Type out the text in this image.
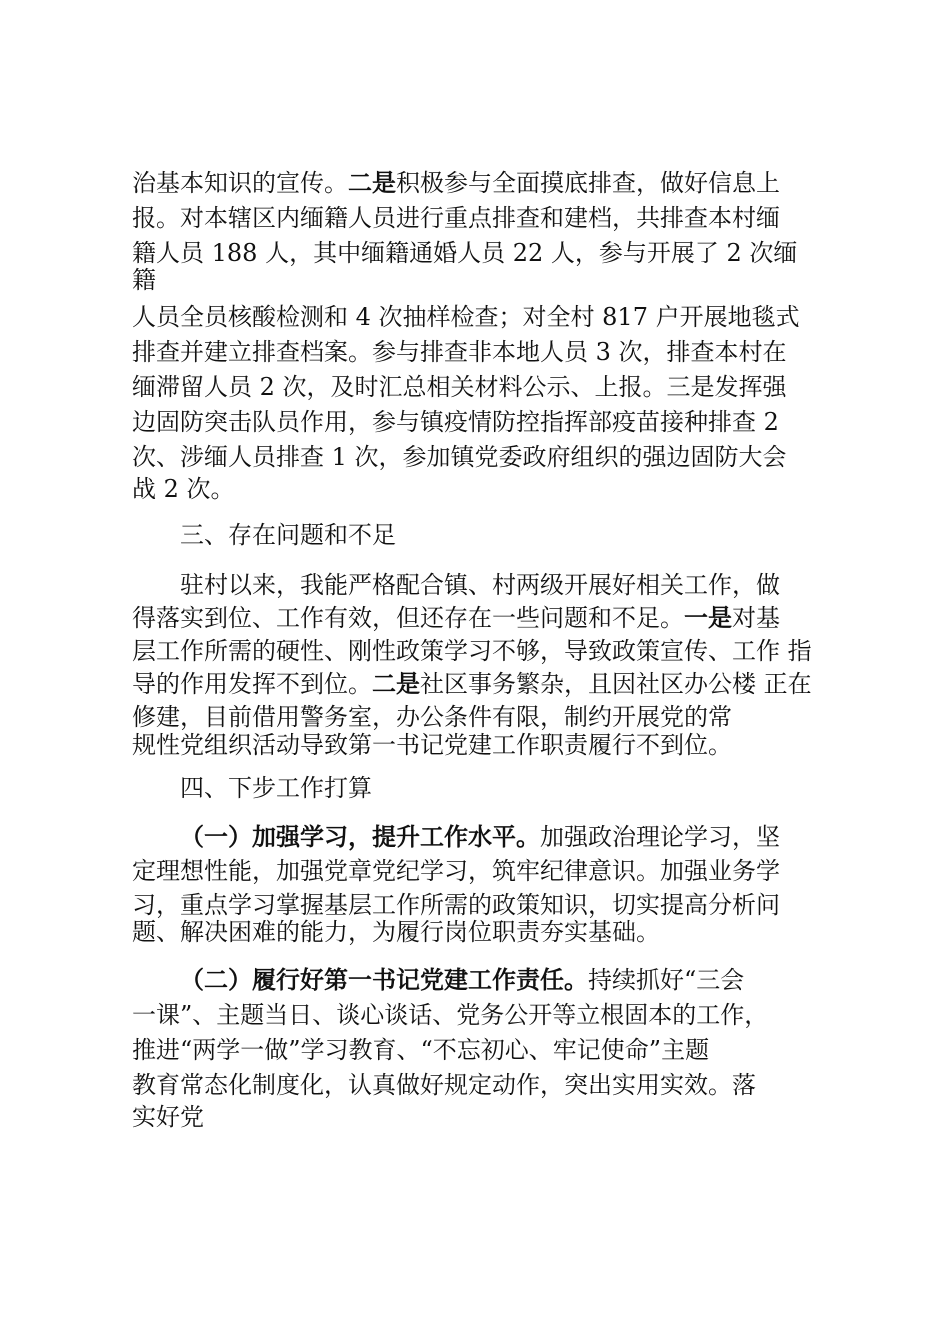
治基本知识的宣传。二是积极参与全面摸底排查，做好信息上
报。对本辖区内缅籍人员进行重点排查和建档，共排查本村缅
籍人员 188 人，其中缅籍通婚人员 22 人，参与开展了 2 次缅
籍
人员全员核酸检测和 4 次抽样检查；对全村 817 户开展地毯式
排查并建立排查档案。参与排查非本地人员 3 次，排查本村在
缅滞留人员 2 次，及时汇总相关材料公示、上报。三是发挥强
边固防突击队员作用，参与镇疫情防控指挥部疫苗接种排查 2
次、涉缅人员排查 1 次，参加镇党委政府组织的强边固防大会
战 2 次。
三、存在问题和不足
驻村以来，我能严格配合镇、村两级开展好相关工作，做
得落实到位、工作有效，但还存在一些问题和不足。一是对基
层工作所需的硬性、刚性政策学习不够，导致政策宣传、工作 指
导的作用发挥不到位。二是社区事务繁杂，且因社区办公楼 正在
修建，目前借用警务室，办公条件有限，制约开展党的常
规性党组织活动导致第一书记党建工作职责履行不到位。
四、下步工作打算
（一）加强学习，提升工作水平。加强政治理论学习，坚
定理想性能，加强党章党纪学习，筑牢纪律意识。加强业务学
习，重点学习掌握基层工作所需的政策知识，切实提高分析问
题、解决困难的能力，为履行岗位职责夯实基础。
（二）履行好第一书记党建工作责任。持续抓好“三会
一课”、主题当日、谈心谈话、党务公开等立根固本的工作，
推进“两学一做”学习教育、“不忘初心、牢记使命”主题
教育常态化制度化，认真做好规定动作，突出实用实效。落
实好党
